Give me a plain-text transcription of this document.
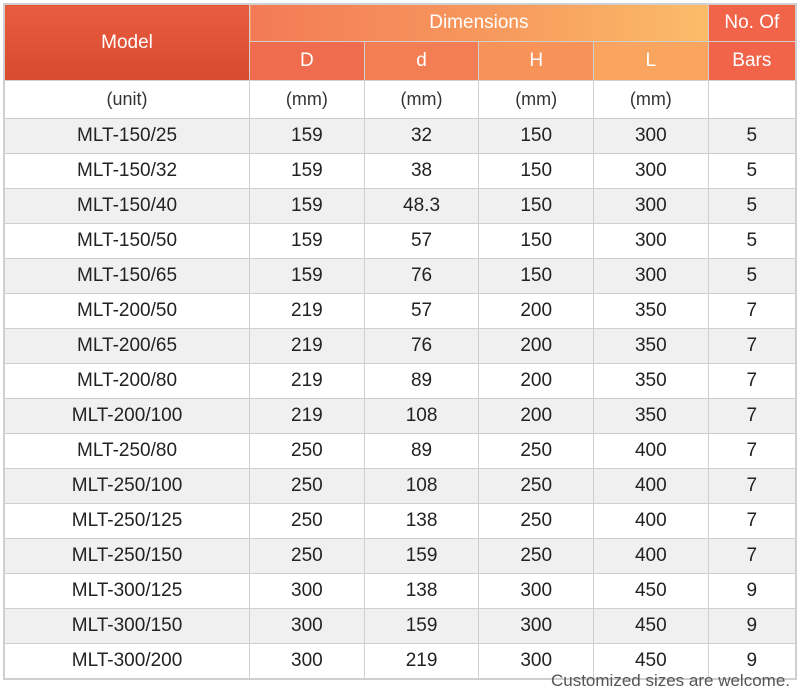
Model	Dimensions				No. Of
	D	d	H	L	Bars
(unit)	(mm)	(mm)	(mm)	(mm)	
MLT-150/25	159	32	150	300	5
MLT-150/32	159	38	150	300	5
MLT-150/40	159	48.3	150	300	5
MLT-150/50	159	57	150	300	5
MLT-150/65	159	76	150	300	5
MLT-200/50	219	57	200	350	7
MLT-200/65	219	76	200	350	7
MLT-200/80	219	89	200	350	7
MLT-200/100	219	108	200	350	7
MLT-250/80	250	89	250	400	7
MLT-250/100	250	108	250	400	7
MLT-250/125	250	138	250	400	7
MLT-250/150	250	159	250	400	7
MLT-300/125	300	138	300	450	9
MLT-300/150	300	159	300	450	9
MLT-300/200	300	219	300	450	9
Customized sizes are welcome.
